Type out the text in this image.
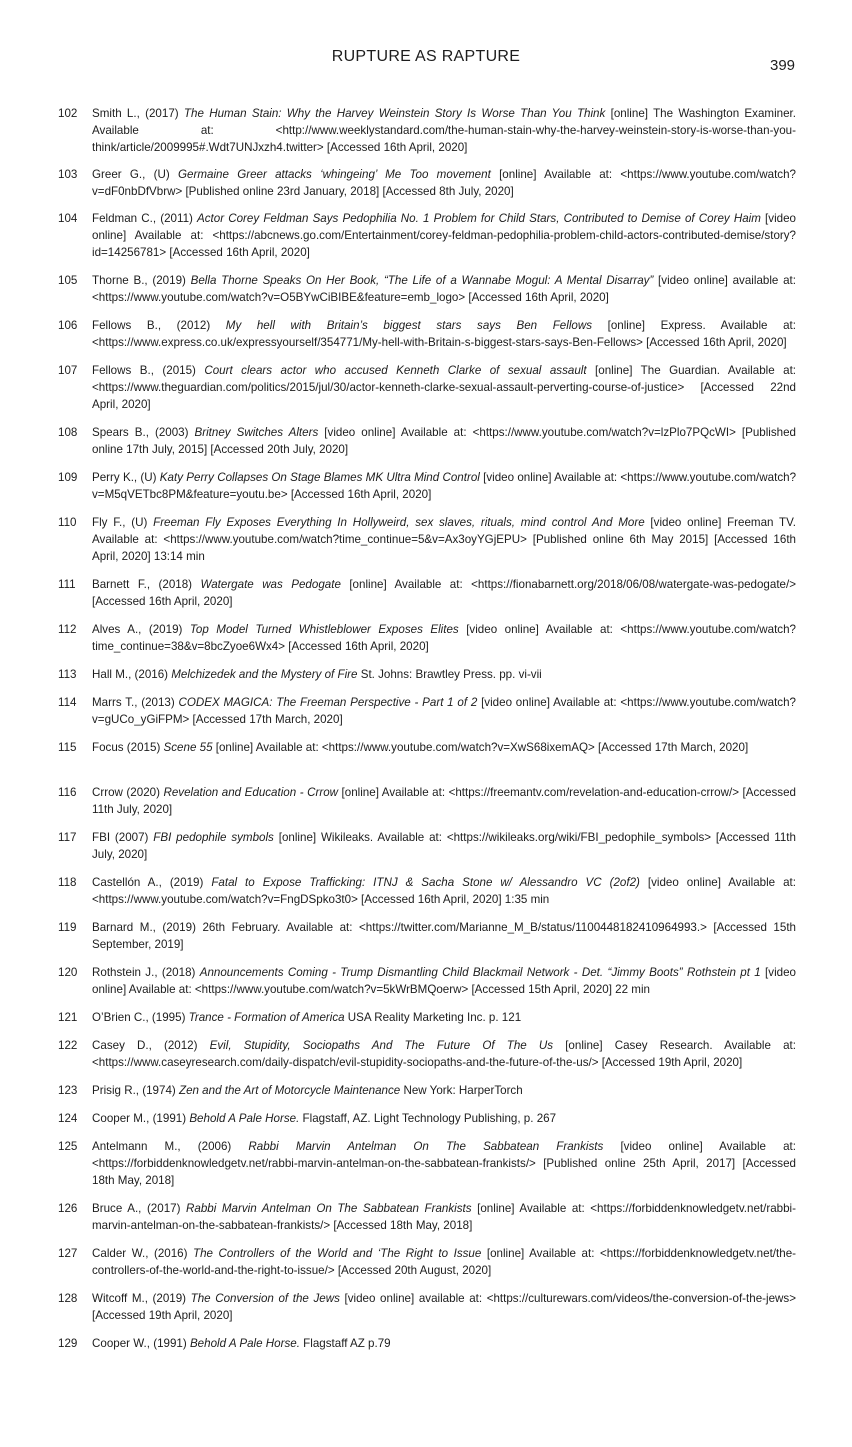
RUPTURE AS RAPTURE
399
102	Smith L., (2017) The Human Stain: Why the Harvey Weinstein Story Is Worse Than You Think [online] The Washington Examiner. Available at: <http://www.weeklystandard.com/the-human-stain-why-the-harvey-weinstein-story-is-worse-than-you-think/article/2009995#.Wdt7UNJxzh4.twitter> [Accessed 16th April, 2020]
103	Greer G., (U) Germaine Greer attacks ‘whingeing’ Me Too movement [online] Available at: <https://www.youtube.com/watch?v=dF0nbDfVbrw> [Published online 23rd January, 2018] [Accessed 8th July, 2020]
104	Feldman C., (2011) Actor Corey Feldman Says Pedophilia No. 1 Problem for Child Stars, Contributed to Demise of Corey Haim [video online] Available at: <https://abcnews.go.com/Entertainment/corey-feldman-pedophilia-problem-child-actors-contributed-demise/story?id=14256781> [Accessed 16th April, 2020]
105	Thorne B., (2019) Bella Thorne Speaks On Her Book, “The Life of a Wannabe Mogul: A Mental Disarray” [video online] available at: <https://www.youtube.com/watch?v=O5BYwCiBIBE&feature=emb_logo> [Accessed 16th April, 2020]
106	Fellows B., (2012) My hell with Britain’s biggest stars says Ben Fellows [online] Express. Available at: <https://www.express.co.uk/expressyourself/354771/My-hell-with-Britain-s-biggest-stars-says-Ben-Fellows> [Accessed 16th April, 2020]
107	Fellows B., (2015) Court clears actor who accused Kenneth Clarke of sexual assault [online] The Guardian. Available at: <https://www.theguardian.com/politics/2015/jul/30/actor-kenneth-clarke-sexual-assault-perverting-course-of-justice> [Accessed 22nd April, 2020]
108	Spears B., (2003) Britney Switches Alters [video online] Available at: <https://www.youtube.com/watch?v=lzPlo7PQcWI> [Published online 17th July, 2015] [Accessed 20th July, 2020]
109	Perry K., (U) Katy Perry Collapses On Stage Blames MK Ultra Mind Control [video online] Available at: <https://www.youtube.com/watch?v=M5qVETbc8PM&feature=youtu.be> [Accessed 16th April, 2020]
110	Fly F., (U) Freeman Fly Exposes Everything In Hollyweird, sex slaves, rituals, mind control And More [video online] Freeman TV. Available at: <https://www.youtube.com/watch?time_continue=5&v=Ax3oyYGjEPU> [Published online 6th May 2015] [Accessed 16th April, 2020] 13:14 min
111	Barnett F., (2018) Watergate was Pedogate [online] Available at: <https://fionabarnett.org/2018/06/08/watergate-was-pedogate/> [Accessed 16th April, 2020]
112	Alves A., (2019) Top Model Turned Whistleblower Exposes Elites [video online] Available at: <https://www.youtube.com/watch?time_continue=38&v=8bcZyoe6Wx4> [Accessed 16th April, 2020]
113	Hall M., (2016) Melchizedek and the Mystery of Fire St. Johns: Brawtley Press. pp. vi-vii
114	Marrs T., (2013) CODEX MAGICA: The Freeman Perspective - Part 1 of 2 [video online] Available at: <https://www.youtube.com/watch?v=gUCo_yGiFPM> [Accessed 17th March, 2020]
115	Focus (2015) Scene 55 [online] Available at: <https://www.youtube.com/watch?v=XwS68ixemAQ> [Accessed 17th March, 2020]
116	Crrow (2020) Revelation and Education - Crrow [online] Available at: <https://freemantv.com/revelation-and-education-crrow/> [Accessed 11th July, 2020]
117	FBI (2007) FBI pedophile symbols [online] Wikileaks. Available at: <https://wikileaks.org/wiki/FBI_pedophile_symbols> [Accessed 11th July, 2020]
118	Castellón A., (2019) Fatal to Expose Trafficking: ITNJ & Sacha Stone w/ Alessandro VC (2of2) [video online] Available at: <https://www.youtube.com/watch?v=FngDSpko3t0> [Accessed 16th April, 2020] 1:35 min
119	Barnard M., (2019) 26th February. Available at: <https://twitter.com/Marianne_M_B/status/1100448182410964993.> [Accessed 15th September, 2019]
120	Rothstein J., (2018) Announcements Coming - Trump Dismantling Child Blackmail Network - Det. “Jimmy Boots” Rothstein pt 1 [video online] Available at: <https://www.youtube.com/watch?v=5kWrBMQoerw> [Accessed 15th April, 2020] 22 min
121	O’Brien C., (1995) Trance - Formation of America USA Reality Marketing Inc. p. 121
122	Casey D., (2012) Evil, Stupidity, Sociopaths And The Future Of The Us [online] Casey Research. Available at: <https://www.caseyresearch.com/daily-dispatch/evil-stupidity-sociopaths-and-the-future-of-the-us/> [Accessed 19th April, 2020]
123	Prisig R., (1974) Zen and the Art of Motorcycle Maintenance New York: HarperTorch
124	Cooper M., (1991) Behold A Pale Horse. Flagstaff, AZ. Light Technology Publishing, p. 267
125	Antelmann M., (2006) Rabbi Marvin Antelman On The Sabbatean Frankists [video online] Available at: <https://forbiddenknowledgetv.net/rabbi-marvin-antelman-on-the-sabbatean-frankists/> [Published online 25th April, 2017] [Accessed 18th May, 2018]
126	Bruce A., (2017) Rabbi Marvin Antelman On The Sabbatean Frankists [online] Available at: <https://forbiddenknowledgetv.net/rabbi-marvin-antelman-on-the-sabbatean-frankists/> [Accessed 18th May, 2018]
127	Calder W., (2016) The Controllers of the World and ‘The Right to Issue [online] Available at: <https://forbiddenknowledgetv.net/the-controllers-of-the-world-and-the-right-to-issue/> [Accessed 20th August, 2020]
128	Witcoff M., (2019) The Conversion of the Jews [video online] available at: <https://culturewars.com/videos/the-conversion-of-the-jews> [Accessed 19th April, 2020]
129	Cooper W., (1991) Behold A Pale Horse. Flagstaff AZ p.79
